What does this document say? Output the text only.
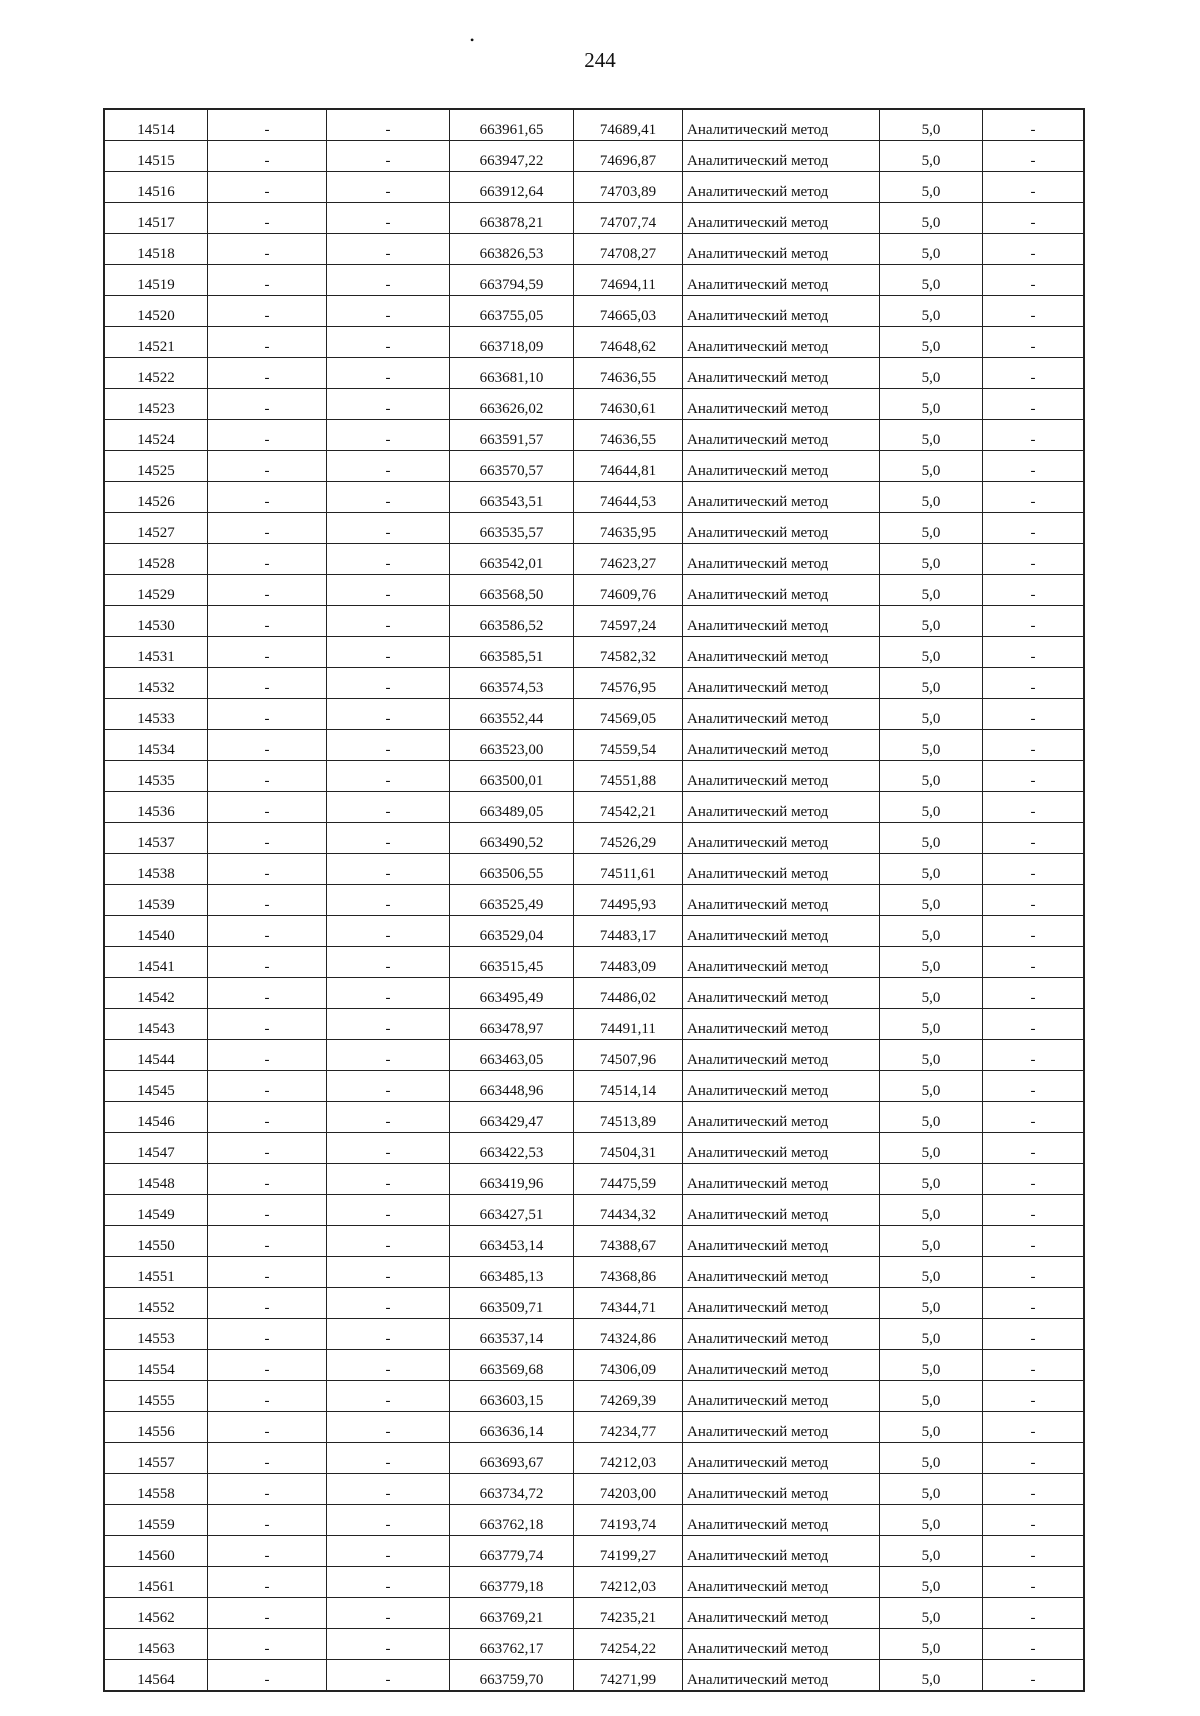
•
244
14514	-	-	663961,65	74689,41	Аналитический метод	5,0	-
14515	-	-	663947,22	74696,87	Аналитический метод	5,0	-
14516	-	-	663912,64	74703,89	Аналитический метод	5,0	-
14517	-	-	663878,21	74707,74	Аналитический метод	5,0	-
14518	-	-	663826,53	74708,27	Аналитический метод	5,0	-
14519	-	-	663794,59	74694,11	Аналитический метод	5,0	-
14520	-	-	663755,05	74665,03	Аналитический метод	5,0	-
14521	-	-	663718,09	74648,62	Аналитический метод	5,0	-
14522	-	-	663681,10	74636,55	Аналитический метод	5,0	-
14523	-	-	663626,02	74630,61	Аналитический метод	5,0	-
14524	-	-	663591,57	74636,55	Аналитический метод	5,0	-
14525	-	-	663570,57	74644,81	Аналитический метод	5,0	-
14526	-	-	663543,51	74644,53	Аналитический метод	5,0	-
14527	-	-	663535,57	74635,95	Аналитический метод	5,0	-
14528	-	-	663542,01	74623,27	Аналитический метод	5,0	-
14529	-	-	663568,50	74609,76	Аналитический метод	5,0	-
14530	-	-	663586,52	74597,24	Аналитический метод	5,0	-
14531	-	-	663585,51	74582,32	Аналитический метод	5,0	-
14532	-	-	663574,53	74576,95	Аналитический метод	5,0	-
14533	-	-	663552,44	74569,05	Аналитический метод	5,0	-
14534	-	-	663523,00	74559,54	Аналитический метод	5,0	-
14535	-	-	663500,01	74551,88	Аналитический метод	5,0	-
14536	-	-	663489,05	74542,21	Аналитический метод	5,0	-
14537	-	-	663490,52	74526,29	Аналитический метод	5,0	-
14538	-	-	663506,55	74511,61	Аналитический метод	5,0	-
14539	-	-	663525,49	74495,93	Аналитический метод	5,0	-
14540	-	-	663529,04	74483,17	Аналитический метод	5,0	-
14541	-	-	663515,45	74483,09	Аналитический метод	5,0	-
14542	-	-	663495,49	74486,02	Аналитический метод	5,0	-
14543	-	-	663478,97	74491,11	Аналитический метод	5,0	-
14544	-	-	663463,05	74507,96	Аналитический метод	5,0	-
14545	-	-	663448,96	74514,14	Аналитический метод	5,0	-
14546	-	-	663429,47	74513,89	Аналитический метод	5,0	-
14547	-	-	663422,53	74504,31	Аналитический метод	5,0	-
14548	-	-	663419,96	74475,59	Аналитический метод	5,0	-
14549	-	-	663427,51	74434,32	Аналитический метод	5,0	-
14550	-	-	663453,14	74388,67	Аналитический метод	5,0	-
14551	-	-	663485,13	74368,86	Аналитический метод	5,0	-
14552	-	-	663509,71	74344,71	Аналитический метод	5,0	-
14553	-	-	663537,14	74324,86	Аналитический метод	5,0	-
14554	-	-	663569,68	74306,09	Аналитический метод	5,0	-
14555	-	-	663603,15	74269,39	Аналитический метод	5,0	-
14556	-	-	663636,14	74234,77	Аналитический метод	5,0	-
14557	-	-	663693,67	74212,03	Аналитический метод	5,0	-
14558	-	-	663734,72	74203,00	Аналитический метод	5,0	-
14559	-	-	663762,18	74193,74	Аналитический метод	5,0	-
14560	-	-	663779,74	74199,27	Аналитический метод	5,0	-
14561	-	-	663779,18	74212,03	Аналитический метод	5,0	-
14562	-	-	663769,21	74235,21	Аналитический метод	5,0	-
14563	-	-	663762,17	74254,22	Аналитический метод	5,0	-
14564	-	-	663759,70	74271,99	Аналитический метод	5,0	-
